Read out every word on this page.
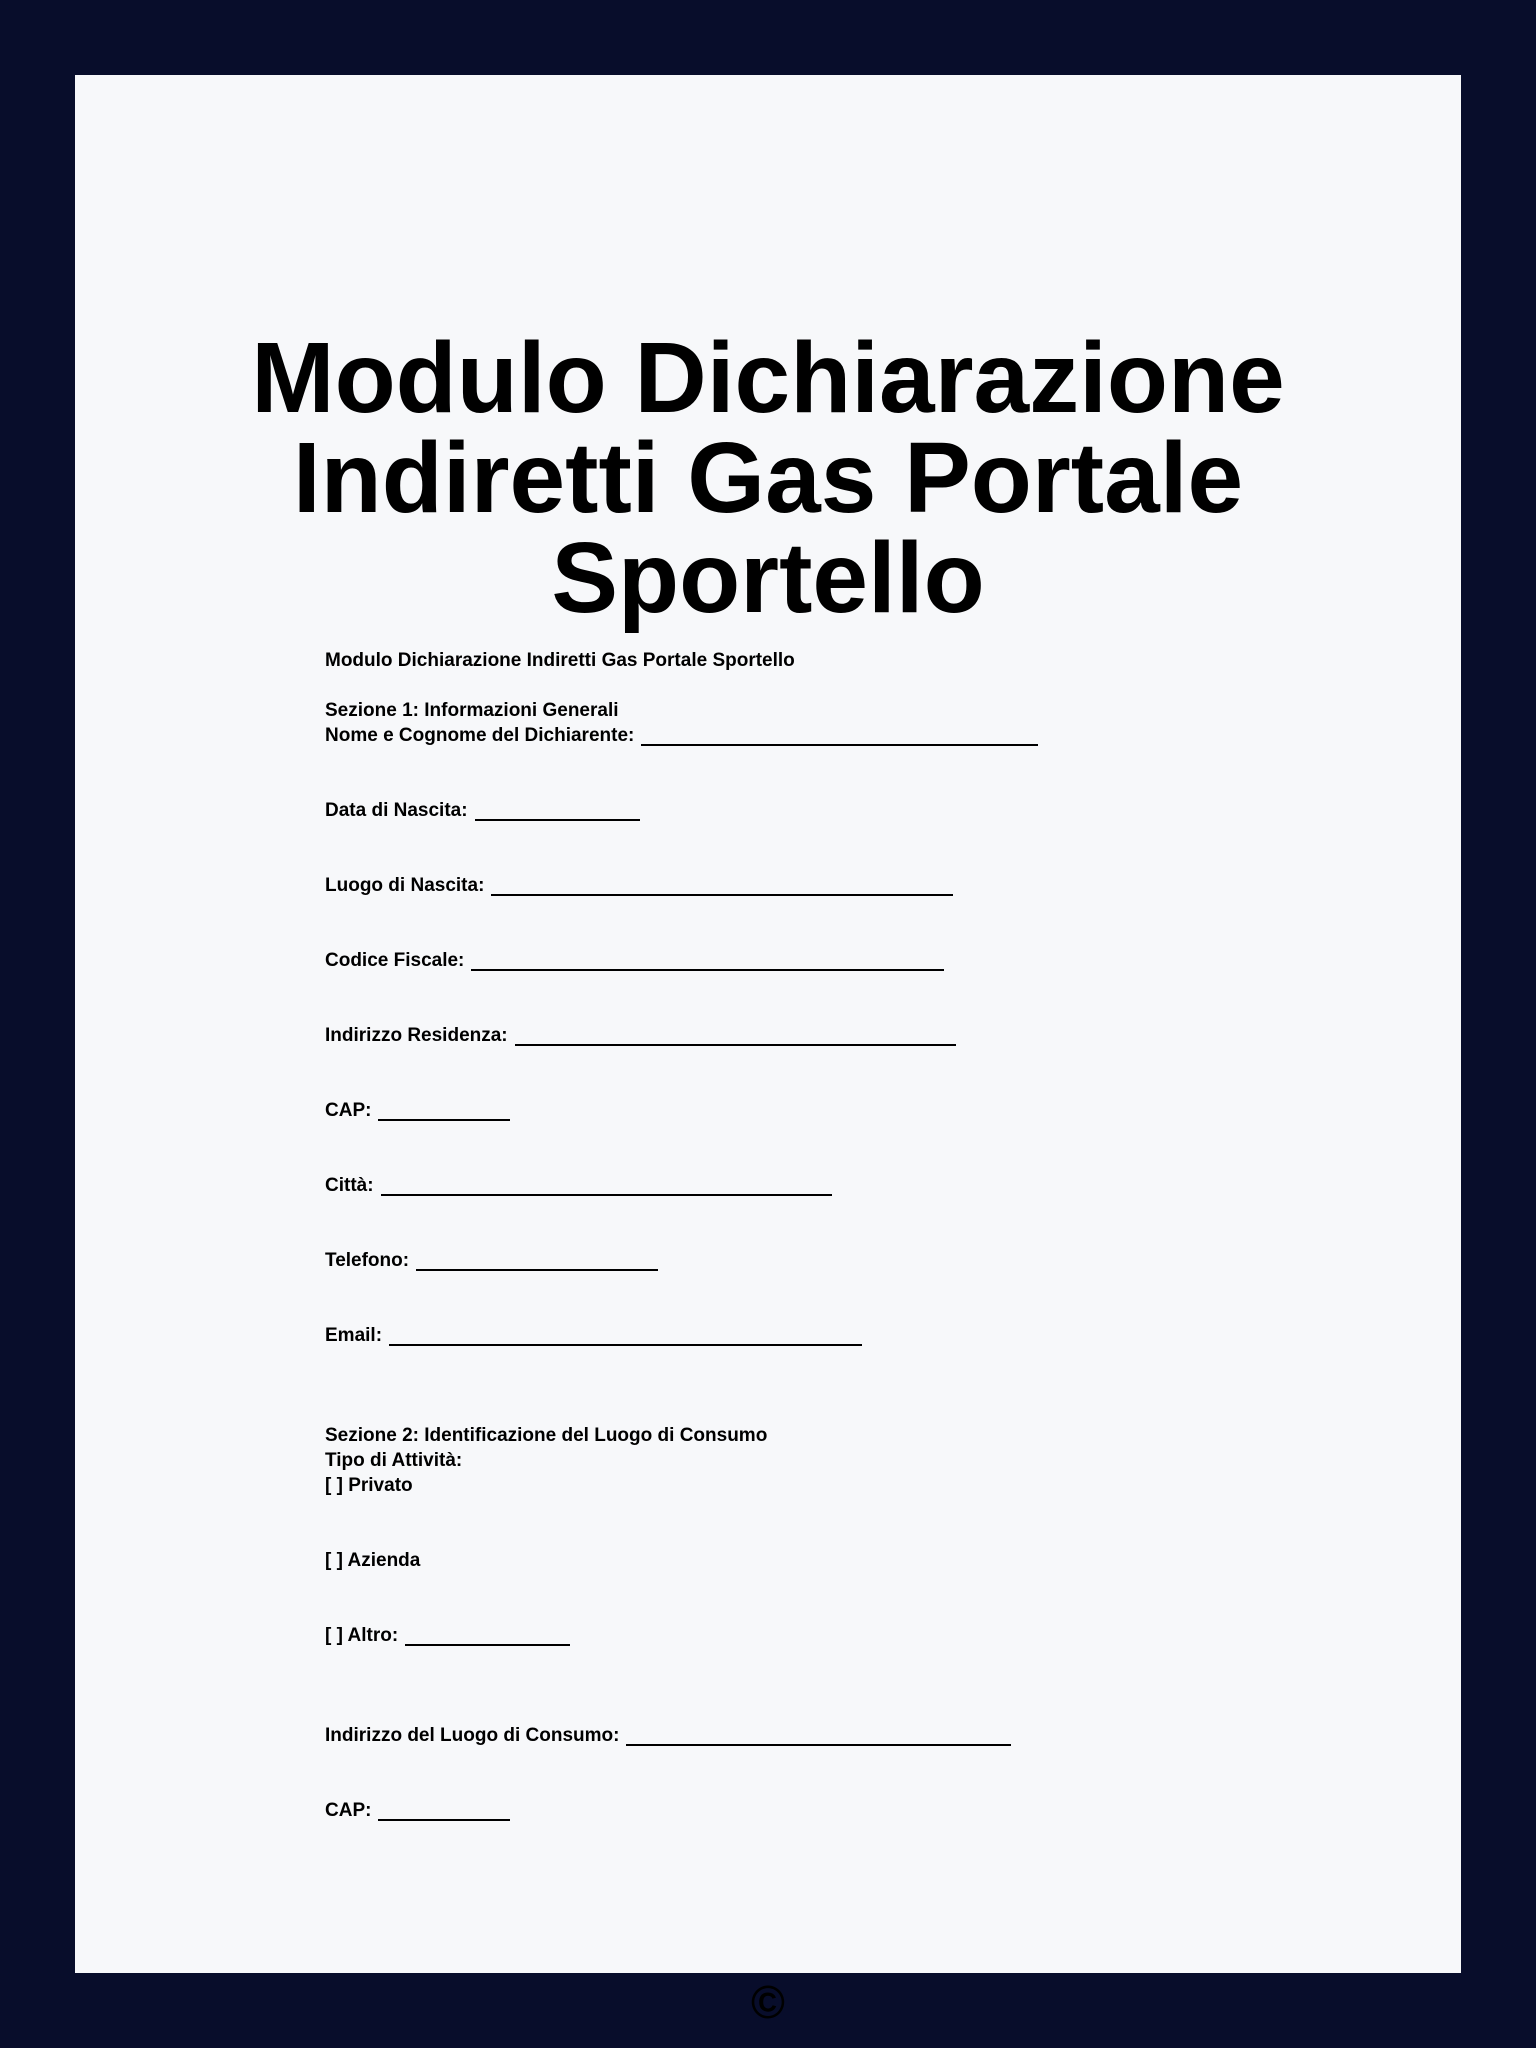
Modulo Dichiarazione
Indiretti Gas Portale
Sportello
Modulo Dichiarazione Indiretti Gas Portale Sportello
Sezione 1: Informazioni Generali
Nome e Cognome del Dichiarente:
Data di Nascita:
Luogo di Nascita:
Codice Fiscale:
Indirizzo Residenza:
CAP:
Città:
Telefono:
Email:
Sezione 2: Identificazione del Luogo di Consumo
Tipo di Attività:
[ ] Privato
[ ] Azienda
[ ] Altro:
Indirizzo del Luogo di Consumo:
CAP:
©
